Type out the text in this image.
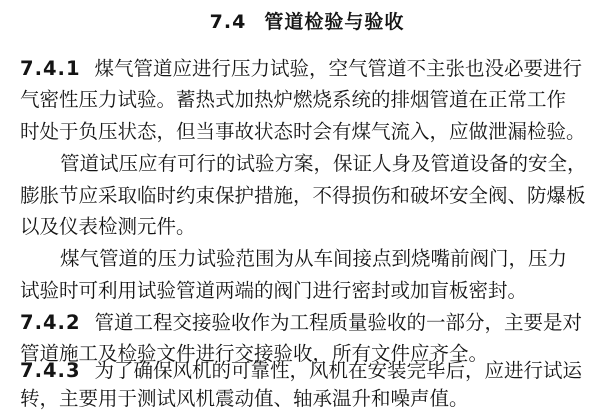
7.4 管道检验与验收
7.4.1 煤气管道应进行压力试验，空气管道不主张也没必要进行
气密性压力试验。蓄热式加热炉燃烧系统的排烟管道在正常工作
时处于负压状态，但当事故状态时会有煤气流入，应做泄漏检验。
管道试压应有可行的试验方案，保证人身及管道设备的安全，
膨胀节应采取临时约束保护措施，不得损伤和破坏安全阀、防爆板
以及仪表检测元件。
煤气管道的压力试验范围为从车间接点到烧嘴前阀门，压力
试验时可利用试验管道两端的阀门进行密封或加盲板密封。
7.4.2 管道工程交接验收作为工程质量验收的一部分，主要是对
管道施工及检验文件进行交接验收，所有文件应齐全。
7.4.3 为了确保风机的可靠性，风机在安装完毕后，应进行试运
转，主要用于测试风机震动值、轴承温升和噪声值。
